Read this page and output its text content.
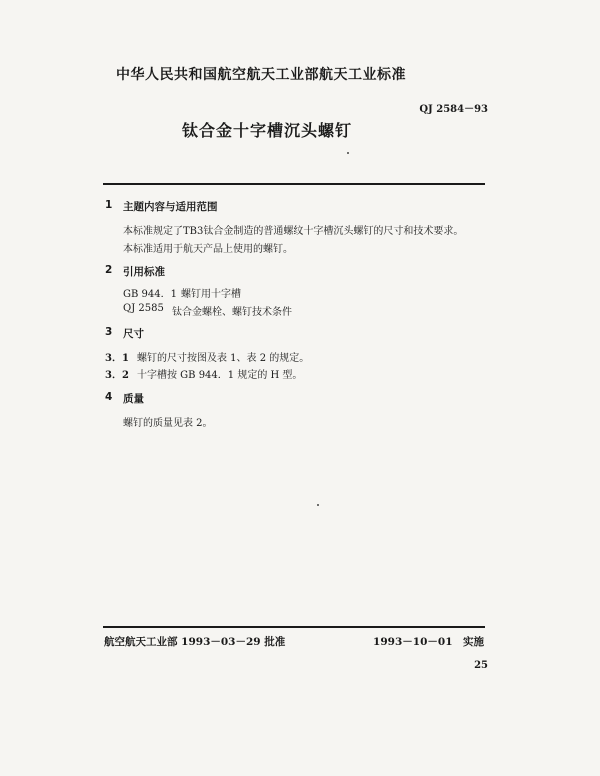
中华人民共和国航空航天工业部航天工业标准
QJ 2584－93
钛合金十字槽沉头螺钉
1 主题内容与适用范围
本标准规定了TB3钛合金制造的普通螺纹十字槽沉头螺钉的尺寸和技术要求。
本标准适用于航天产品上使用的螺钉。
2 引用标准
GB 944．1 螺钉用十字槽
QJ 2585 钛合金螺栓、螺钉技术条件
3 尺寸
3．1 螺钉的尺寸按图及表 1、表 2 的规定。
3．2 十字槽按 GB 944．1 规定的 H 型。
4 质量
螺钉的质量见表 2。
航空航天工业部 1993－03－29 批准	1993－10－01　实施
25
